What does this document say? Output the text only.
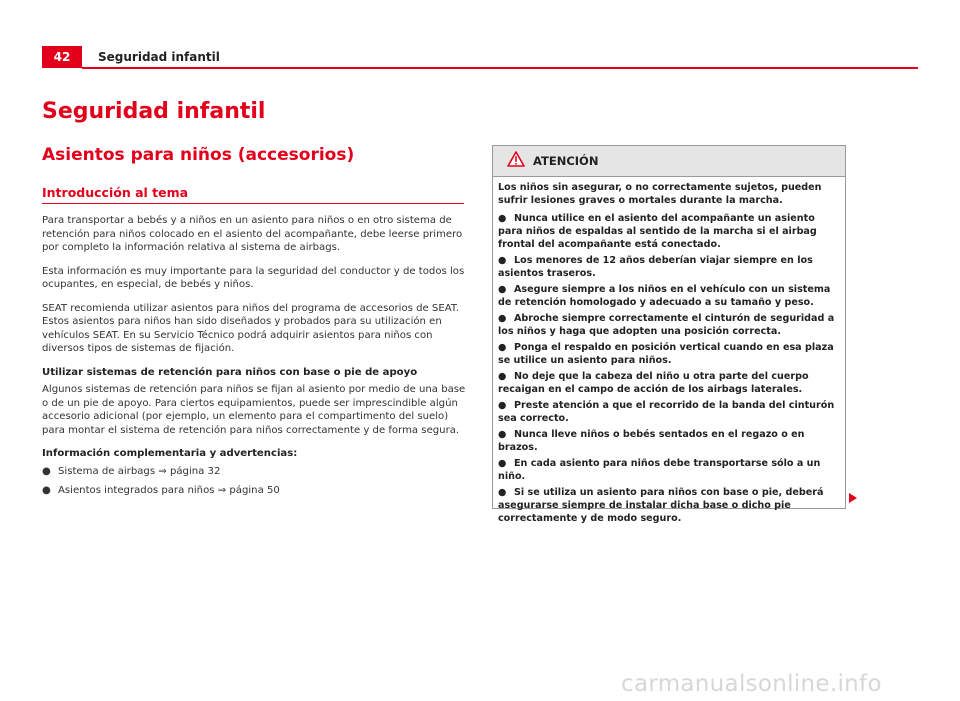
42	Seguridad infantil
Seguridad infantil
Asientos para niños (accesorios)
Introducción al tema

Para transportar a bebés y a niños en un asiento para niños o en otro sistema de retención para niños colocado en el asiento del acompañante, debe leerse primero por completo la información relativa al sistema de airbags.

Esta información es muy importante para la seguridad del conductor y de todos los ocupantes, en especial, de bebés y niños.

SEAT recomienda utilizar asientos para niños del programa de accesorios de SEAT. Estos asientos para niños han sido diseñados y probados para su utilización en vehículos SEAT. En su Servicio Técnico podrá adquirir asientos para niños con diversos tipos de sistemas de fijación.

Utilizar sistemas de retención para niños con base o pie de apoyo

Algunos sistemas de retención para niños se fijan al asiento por medio de una base o de un pie de apoyo. Para ciertos equipamientos, puede ser imprescindible algún accesorio adicional (por ejemplo, un elemento para el compartimento del suelo) para montar el sistema de retención para niños correctamente y de forma segura.

Información complementaria y advertencias:

● Sistema de airbags ⇒ página 32
● Asientos integrados para niños ⇒ página 50
ATENCIÓN

Los niños sin asegurar, o no correctamente sujetos, pueden sufrir lesiones graves o mortales durante la marcha.

● Nunca utilice en el asiento del acompañante un asiento para niños de espaldas al sentido de la marcha si el airbag frontal del acompañante está conectado.
● Los menores de 12 años deberían viajar siempre en los asientos traseros.
● Asegure siempre a los niños en el vehículo con un sistema de retención homologado y adecuado a su tamaño y peso.
● Abroche siempre correctamente el cinturón de seguridad a los niños y haga que adopten una posición correcta.
● Ponga el respaldo en posición vertical cuando en esa plaza se utilice un asiento para niños.
● No deje que la cabeza del niño u otra parte del cuerpo recaigan en el campo de acción de los airbags laterales.
● Preste atención a que el recorrido de la banda del cinturón sea correcto.
● Nunca lleve niños o bebés sentados en el regazo o en brazos.
● En cada asiento para niños debe transportarse sólo a un niño.
● Si se utiliza un asiento para niños con base o pie, deberá asegurarse siempre de instalar dicha base o dicho pie correctamente y de modo seguro.
carmanualsonline.info
